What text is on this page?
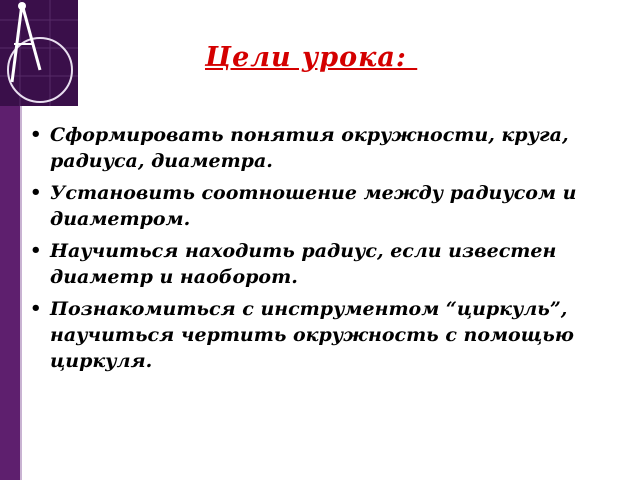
Цели урока:
• Сформировать понятия окружности, круга, радиуса, диаметра.
• Установить соотношение между радиусом и диаметром.
• Научиться находить радиус, если известен диаметр и наоборот.
• Познакомиться с инструментом “циркуль”, научиться чертить окружность с помощью циркуля.
